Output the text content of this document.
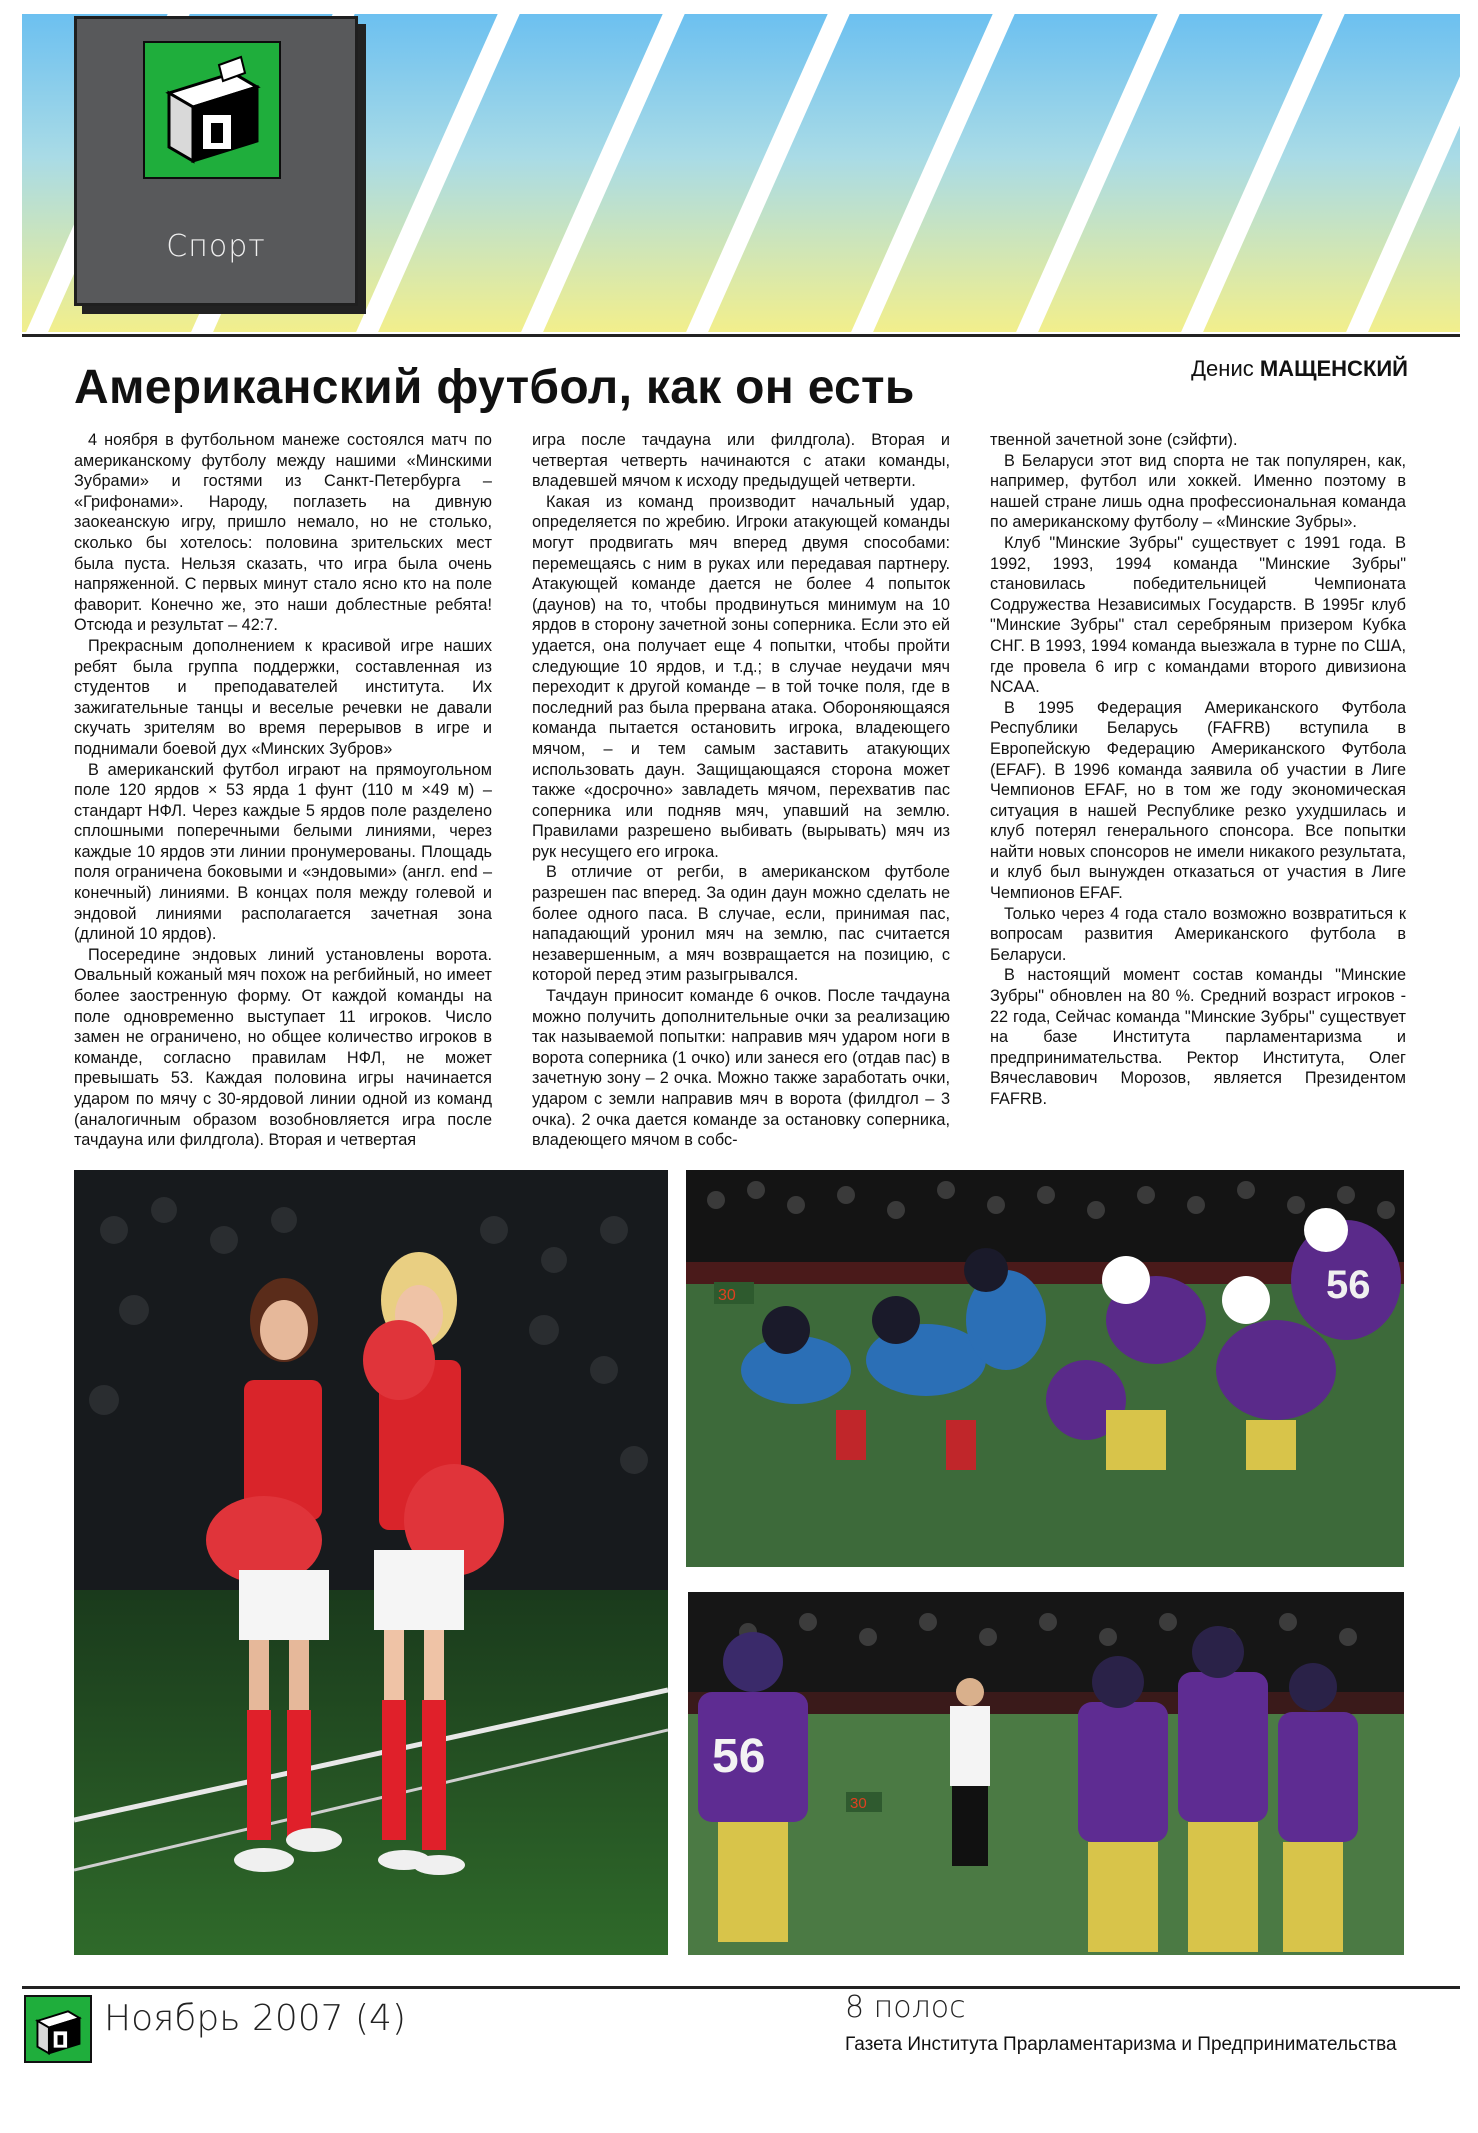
Спорт
Американский футбол, как он есть	Денис МАЩЕНСКИЙ

4 ноября в футбольном манеже состоялся матч по американскому футболу между нашими «Минскими Зубрами» и гостями из Санкт-Петербурга – «Грифонами». Народу, поглазеть на дивную заокеанскую игру, пришло немало, но не столько, сколько бы хотелось: половина зрительских мест была пуста. Нельзя сказать, что игра была очень напряженной. С первых минут стало ясно кто на поле фаворит. Конечно же, это наши доблестные ребята! Отсюда и результат – 42:7.

Прекрасным дополнением к красивой игре наших ребят была группа поддержки, составленная из студентов и преподавателей института. Их зажигательные танцы и веселые речевки не давали скучать зрителям во время перерывов в игре и поднимали боевой дух «Минских Зубров»

В американский футбол играют на прямоугольном поле 120 ярдов × 53 ярда 1 фунт (110 м ×49 м) – стандарт НФЛ. Через каждые 5 ярдов поле разделено сплошными поперечными белыми линиями, через каждые 10 ярдов эти линии пронумерованы. Площадь поля ограничена боковыми и «эндовыми» (англ. end – конечный) линиями. В концах поля между голевой и эндовой линиями располагается зачетная зона (длиной 10 ярдов).

Посередине эндовых линий установлены ворота. Овальный кожаный мяч похож на регбийный, но имеет более заостренную форму. От каждой команды на поле одновременно выступает 11 игроков. Число замен не ограничено, но общее количество игроков в команде, согласно правилам НФЛ, не может превышать 53. Каждая половина игры начинается ударом по мячу с 30-ярдовой линии одной из команд (аналогичным образом возобновляется игра после тачдауна или филдгола). Вторая и четвертая

игра после тачдауна или филдгола). Вторая и четвертая четверть начинаются с атаки команды, владевшей мячом к исходу предыдущей четверти.

Какая из команд производит начальный удар, определяется по жребию. Игроки атакующей команды могут продвигать мяч вперед двумя способами: перемещаясь с ним в руках или передавая партнеру. Атакующей команде дается не более 4 попыток (даунов) на то, чтобы продвинуться минимум на 10 ярдов в сторону зачетной зоны соперника. Если это ей удается, она получает еще 4 попытки, чтобы пройти следующие 10 ярдов, и т.д.; в случае неудачи мяч переходит к другой команде – в той точке поля, где в последний раз была прервана атака. Обороняющаяся команда пытается остановить игрока, владеющего мячом, – и тем самым заставить атакующих использовать даун. Защищающаяся сторона может также «досрочно» завладеть мячом, перехватив пас соперника или подняв мяч, упавший на землю. Правилами разрешено выбивать (вырывать) мяч из рук несущего его игрока.

В отличие от регби, в американском футболе разрешен пас вперед. За один даун можно сделать не более одного паса. В случае, если, принимая пас, нападающий уронил мяч на землю, пас считается незавершенным, а мяч возвращается на позицию, с которой перед этим разыгрывался.

Тачдаун приносит команде 6 очков. После тачдауна можно получить дополнительные очки за реализацию так называемой попытки: направив мяч ударом ноги в ворота соперника (1 очко) или занеся его (отдав пас) в зачетную зону – 2 очка. Можно также заработать очки, ударом с земли направив мяч в ворота (филдгол – 3 очка). 2 очка дается команде за остановку соперника, владеющего мячом в собс-

твенной зачетной зоне (сэйфти).

В Беларуси этот вид спорта не так популярен, как, например, футбол или хоккей. Именно поэтому в нашей стране лишь одна профессиональная команда по американскому футболу – «Минские Зубры».

Клуб "Минские Зубры" существует с 1991 года. В 1992, 1993, 1994 команда "Минские Зубры" становилась победительницей Чемпионата Содружества Независимых Государств. В 1995г клуб "Минские Зубры" стал серебряным призером Кубка СНГ. В 1993, 1994 команда выезжала в турне по США, где провела 6 игр с командами второго дивизиона NCAA.

В 1995 Федерация Американского Футбола Республики Беларусь (FAFRB) вступила в Европейскую Федерацию Американского Футбола (EFAF). В 1996 команда заявила об участии в Лиге Чемпионов EFAF, но в том же году экономическая ситуация в нашей Республике резко ухудшилась и клуб потерял генерального спонсора. Все попытки найти новых спонсоров не имели никакого результата, и клуб был вынужден отказаться от участия в Лиге Чемпионов EFAF.

Только через 4 года стало возможно возвратиться к вопросам развития Американского футбола в Беларуси.

В настоящий момент состав команды "Минские Зубры" обновлен на 80 %. Средний возраст игроков - 22 года, Сейчас команда "Минские Зубры" существует на базе Института парламентаризма и предпринимательства. Ректор Института, Олег Вячеславович Морозов, является Президентом FAFRB.

30	56
30
56
Ноябрь 2007 (4)	8 полос
Газета Института Прарламентаризма и Предпринимательства
